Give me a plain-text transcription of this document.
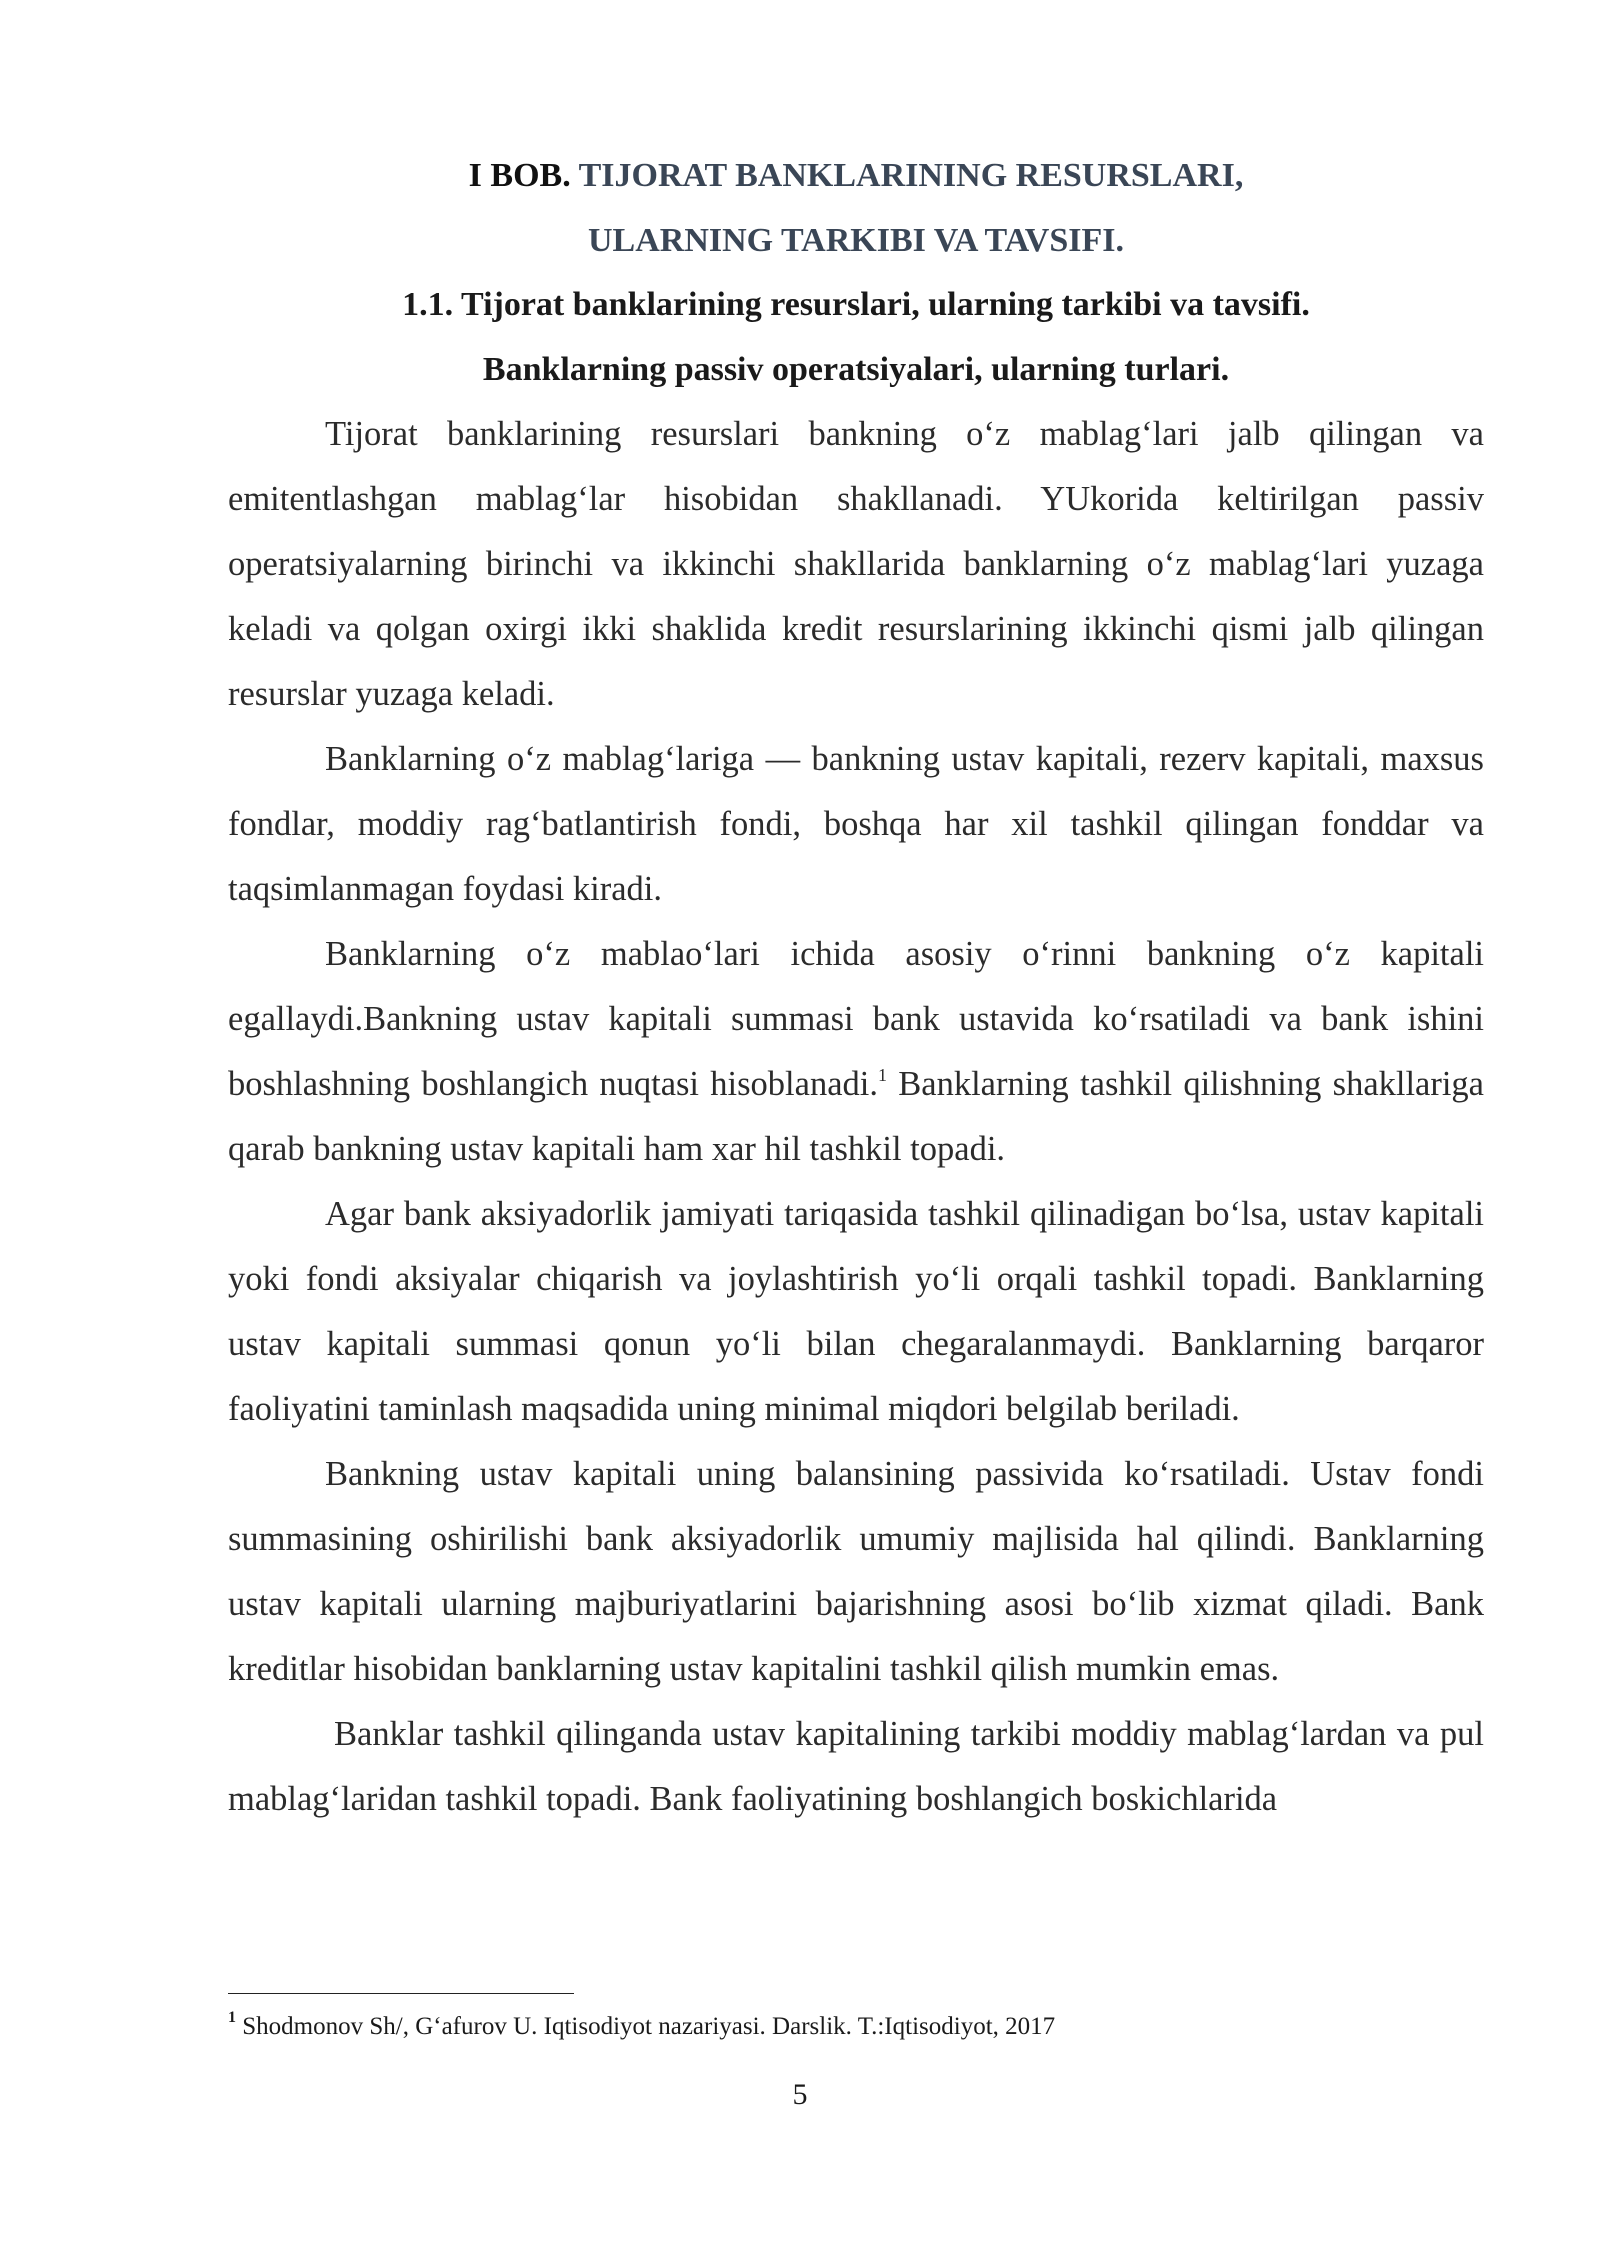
I BOB. TIJORAT BANKLARINING RESURSLARI,
ULARNING TARKIBI VA TAVSIFI.
1.1. Tijorat banklarining resurslari, ularning tarkibi va tavsifi.
Banklarning passiv operatsiyalari, ularning turlari.

Tijorat banklarining resurslari bankning o‘z mablag‘lari jalb qilingan va emitentlashgan mablag‘lar hisobidan shakllanadi. YUkorida keltirilgan passiv operatsiyalarning birinchi va ikkinchi shakllarida banklarning o‘z mablag‘lari yuzaga keladi va qolgan oxirgi ikki shaklida kredit resurslarining ikkinchi qismi jalb qilingan resurslar yuzaga keladi.

Banklarning o‘z mablag‘lariga — bankning ustav kapitali, rezerv kapitali, maxsus fondlar, moddiy rag‘batlantirish fondi, boshqa har xil tashkil qilingan fonddar va taqsimlanmagan foydasi kiradi.

Banklarning o‘z mablao‘lari ichida asosiy o‘rinni bankning o‘z kapitali egallaydi.Bankning ustav kapitali summasi bank ustavida ko‘rsatiladi va bank ishini boshlashning boshlangich nuqtasi hisoblanadi.$^1$ Banklarning tashkil qilishning shakllariga qarab bankning ustav kapitali ham xar hil tashkil topadi.

Agar bank aksiyadorlik jamiyati tariqasida tashkil qilinadigan bo‘lsa, ustav kapitali yoki fondi aksiyalar chiqarish va joylashtirish yo‘li orqali tashkil topadi. Banklarning ustav kapitali summasi qonun yo‘li bilan chegaralanmaydi. Banklarning barqaror faoliyatini taminlash maqsadida uning minimal miqdori belgilab beriladi.

Bankning ustav kapitali uning balansining passivida ko‘rsatiladi. Ustav fondi summasining oshirilishi bank aksiyadorlik umumiy majlisida hal qilindi. Banklarning ustav kapitali ularning majburiyatlarini bajarishning asosi bo‘lib xizmat qiladi. Bank kreditlar hisobidan banklarning ustav kapitalini tashkil qilish mumkin emas.

Banklar tashkil qilinganda ustav kapitalining tarkibi moddiy mablag‘lardan va pul mablag‘laridan tashkil topadi. Bank faoliyatining boshlangich boskichlarida

$^1$ Shodmonov Sh/, G‘afurov U. Iqtisodiyot nazariyasi. Darslik. T.:Iqtisodiyot, 2017
5
